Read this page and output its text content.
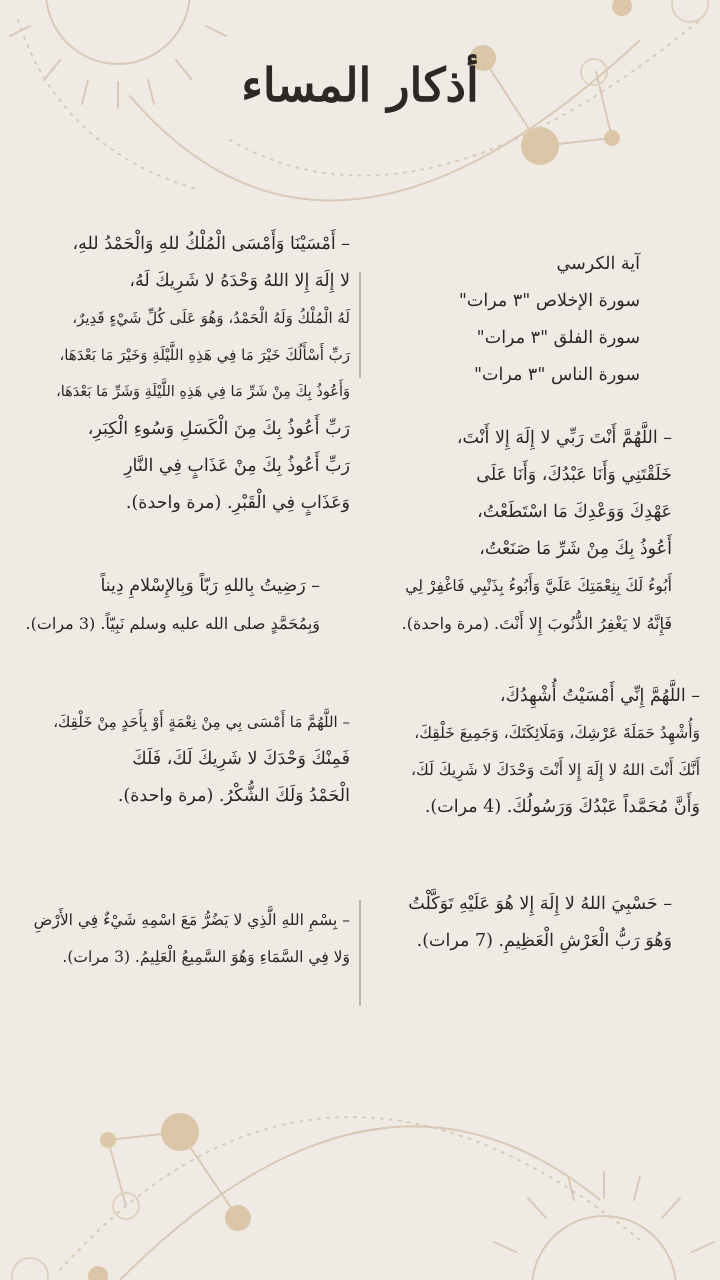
أذكار المساء
آية الكرسي
سورة الإخلاص "٣ مرات"
سورة الفلق "٣ مرات"
سورة الناس "٣ مرات"
– اللَّهُمَّ أَنْتَ رَبِّي لا إِلَهَ إِلا أَنْتَ،
خَلَقْتَنِي وَأَنَا عَبْدُكَ، وَأَنَا عَلَى
عَهْدِكَ وَوَعْدِكَ مَا اسْتَطَعْتُ،
أَعُوذُ بِكَ مِنْ شَرِّ مَا صَنَعْتُ،
أَبُوءُ لَكَ بِنِعْمَتِكَ عَلَيَّ وَأَبُوءُ بِذَنْبِي فَاغْفِرْ لِي
فَإِنَّهُ لا يَغْفِرُ الذُّنُوبَ إِلا أَنْتَ. (مرة واحدة).
– اللَّهُمَّ إِنِّي أَمْسَيْتُ أُشْهِدُكَ،
وَأُشْهِدُ حَمَلَةَ عَرْشِكَ، وَمَلَائِكَتَكَ، وَجَمِيعَ خَلْقِكَ،
أَنَّكَ أَنْتَ اللهُ لا إِلَهَ إِلا أَنْتَ وَحْدَكَ لا شَرِيكَ لَكَ،
وَأَنَّ مُحَمَّداً عَبْدُكَ وَرَسُولُكَ. (4 مرات).
– حَسْبِيَ اللهُ لا إِلَهَ إِلا هُوَ عَلَيْهِ تَوَكَّلْتُ
وَهُوَ رَبُّ الْعَرْشِ الْعَظِيمِ. (7 مرات).
– أَمْسَيْنَا وَأَمْسَى الْمُلْكُ للهِ وَالْحَمْدُ للهِ،
لا إِلَهَ إِلا اللهُ وَحْدَهُ لا شَرِيكَ لَهُ،
لَهُ الْمُلْكُ وَلَهُ الْحَمْدُ، وَهُوَ عَلَى كُلِّ شَيْءٍ قَدِيرٌ،
رَبِّ أَسْأَلُكَ خَيْرَ مَا فِي هَذِهِ اللَّيْلَةِ وَخَيْرَ مَا بَعْدَهَا،
وَأَعُوذُ بِكَ مِنْ شَرِّ مَا فِي هَذِهِ اللَّيْلَةِ وَشَرِّ مَا بَعْدَهَا،
رَبِّ أَعُوذُ بِكَ مِنَ الْكَسَلِ وَسُوءِ الْكِبَرِ،
رَبِّ أَعُوذُ بِكَ مِنْ عَذَابٍ فِي النَّارِ
وَعَذَابٍ فِي الْقَبْرِ. (مرة واحدة).
– رَضِيتُ بِاللهِ رَبّاً وَبِالإِسْلامِ دِيناً
وَبِمُحَمَّدٍ صلى الله عليه وسلم نَبِيّاً. (3 مرات).
– اللَّهُمَّ مَا أَمْسَى بِي مِنْ نِعْمَةٍ أَوْ بِأَحَدٍ مِنْ خَلْقِكَ،
فَمِنْكَ وَحْدَكَ لا شَرِيكَ لَكَ، فَلَكَ
الْحَمْدُ وَلَكَ الشُّكْرُ. (مرة واحدة).
– بِسْمِ اللهِ الَّذِي لا يَضُرُّ مَعَ اسْمِهِ شَيْءٌ فِي الأَرْضِ
وَلا فِي السَّمَاءِ وَهُوَ السَّمِيعُ الْعَلِيمُ. (3 مرات).
